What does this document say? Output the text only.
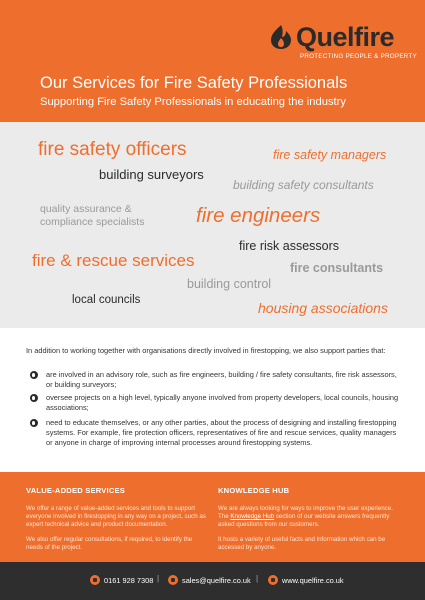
Quelfire
PROTECTING PEOPLE & PROPERTY
Our Services for Fire Safety Professionals
Supporting Fire Safety Professionals in educating the industry
fire safety officers	fire safety managers
building surveyors
building safety consultants
quality assurance &
compliance specialists	fire engineers
fire risk assessors
fire & rescue services	fire consultants
building control
local councils	housing associations
In addition to working together with organisations directly involved in firestopping, we also support parties that:
are involved in an advisory role, such as fire engineers, building / fire safety consultants, fire risk assessors, or building surveyors;
oversee projects on a high level, typically anyone involved from property developers, local councils, housing associations;
need to educate themselves, or any other parties, about the process of designing and installing firestopping systems. For example, fire protection officers, representatives of fire and rescue services, quality managers or anyone in charge of improving internal processes around firestopping systems.
VALUE-ADDED SERVICES

We offer a range of value-added services and tools to support everyone involved in firestopping in any way on a project, such as expert technical advice and product documentation.

We also offer regular consultations, if required, to identify the needs of the project.

KNOWLEDGE HUB

We are always looking for ways to improve the user experience. The Knowledge Hub section of our website answers frequently asked questions from our customers.

It hosts a variety of useful facts and information which can be accessed by anyone.

0161 928 7308 |	sales@quelfire.co.uk |	www.quelfire.co.uk
